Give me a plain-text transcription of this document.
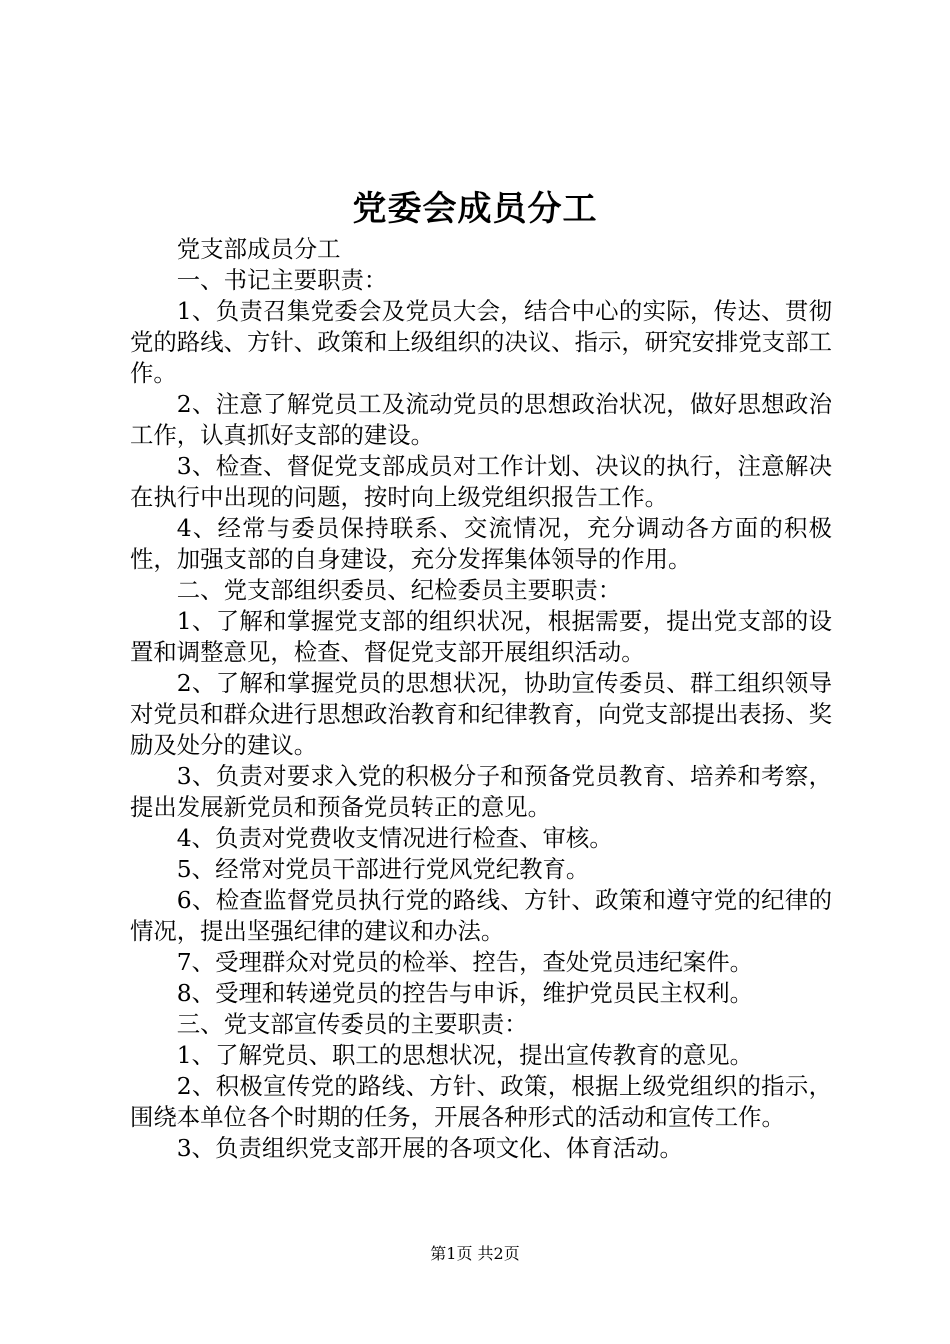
党委会成员分工

党支部成员分工

一、书记主要职责：

1、负责召集党委会及党员大会，结合中心的实际，传达、贯彻党的路线、方针、政策和上级组织的决议、指示，研究安排党支部工作。

2、注意了解党员工及流动党员的思想政治状况，做好思想政治工作，认真抓好支部的建设。

3、检查、督促党支部成员对工作计划、决议的执行，注意解决在执行中出现的问题，按时向上级党组织报告工作。

4、经常与委员保持联系、交流情况，充分调动各方面的积极性，加强支部的自身建设，充分发挥集体领导的作用。

二、党支部组织委员、纪检委员主要职责：

1、了解和掌握党支部的组织状况，根据需要，提出党支部的设置和调整意见，检查、督促党支部开展组织活动。

2、了解和掌握党员的思想状况，协助宣传委员、群工组织领导对党员和群众进行思想政治教育和纪律教育，向党支部提出表扬、奖励及处分的建议。

3、负责对要求入党的积极分子和预备党员教育、培养和考察，提出发展新党员和预备党员转正的意见。

4、负责对党费收支情况进行检查、审核。

5、经常对党员干部进行党风党纪教育。

6、检查监督党员执行党的路线、方针、政策和遵守党的纪律的情况，提出坚强纪律的建议和办法。

7、受理群众对党员的检举、控告，查处党员违纪案件。

8、受理和转递党员的控告与申诉，维护党员民主权利。

三、党支部宣传委员的主要职责：

1、了解党员、职工的思想状况，提出宣传教育的意见。

2、积极宣传党的路线、方针、政策，根据上级党组织的指示，围绕本单位各个时期的任务，开展各种形式的活动和宣传工作。

3、负责组织党支部开展的各项文化、体育活动。

第1页 共2页
